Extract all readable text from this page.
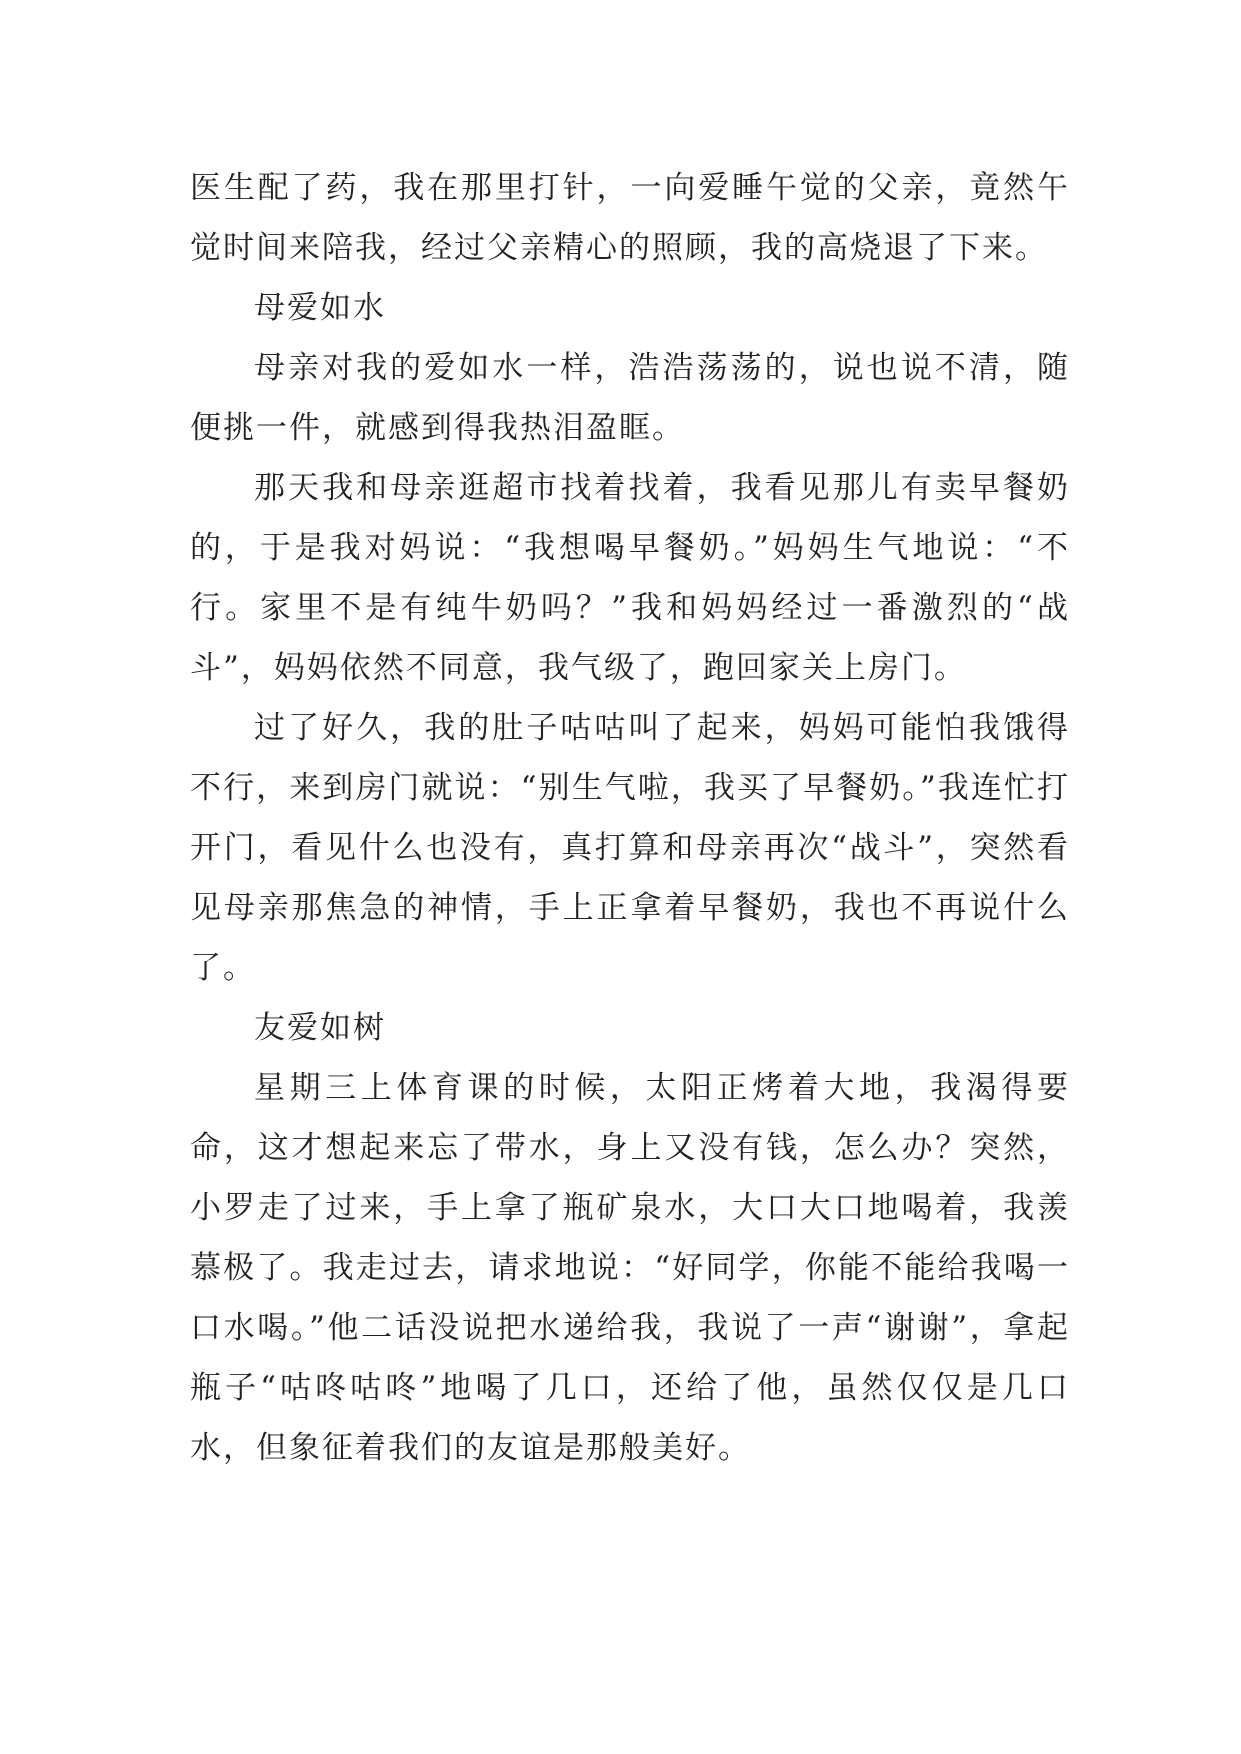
医生配了药，我在那里打针，一向爱睡午觉的父亲，竟然午觉时间来陪我，经过父亲精心的照顾，我的高烧退了下来。

母爱如水

母亲对我的爱如水一样，浩浩荡荡的，说也说不清，随便挑一件，就感到得我热泪盈眶。

那天我和母亲逛超市找着找着，我看见那儿有卖早餐奶的，于是我对妈说：“我想喝早餐奶。”妈妈生气地说：“不行。家里不是有纯牛奶吗？”我和妈妈经过一番激烈的“战斗”，妈妈依然不同意，我气级了，跑回家关上房门。

过了好久，我的肚子咕咕叫了起来，妈妈可能怕我饿得不行，来到房门就说：“别生气啦，我买了早餐奶。”我连忙打开门，看见什么也没有，真打算和母亲再次“战斗”，突然看见母亲那焦急的神情，手上正拿着早餐奶，我也不再说什么了。

友爱如树

星期三上体育课的时候，太阳正烤着大地，我渴得要命，这才想起来忘了带水，身上又没有钱，怎么办？突然，小罗走了过来，手上拿了瓶矿泉水，大口大口地喝着，我羡慕极了。我走过去，请求地说：“好同学，你能不能给我喝一口水喝。”他二话没说把水递给我，我说了一声“谢谢”，拿起瓶子“咕咚咕咚”地喝了几口，还给了他，虽然仅仅是几口水，但象征着我们的友谊是那般美好。
